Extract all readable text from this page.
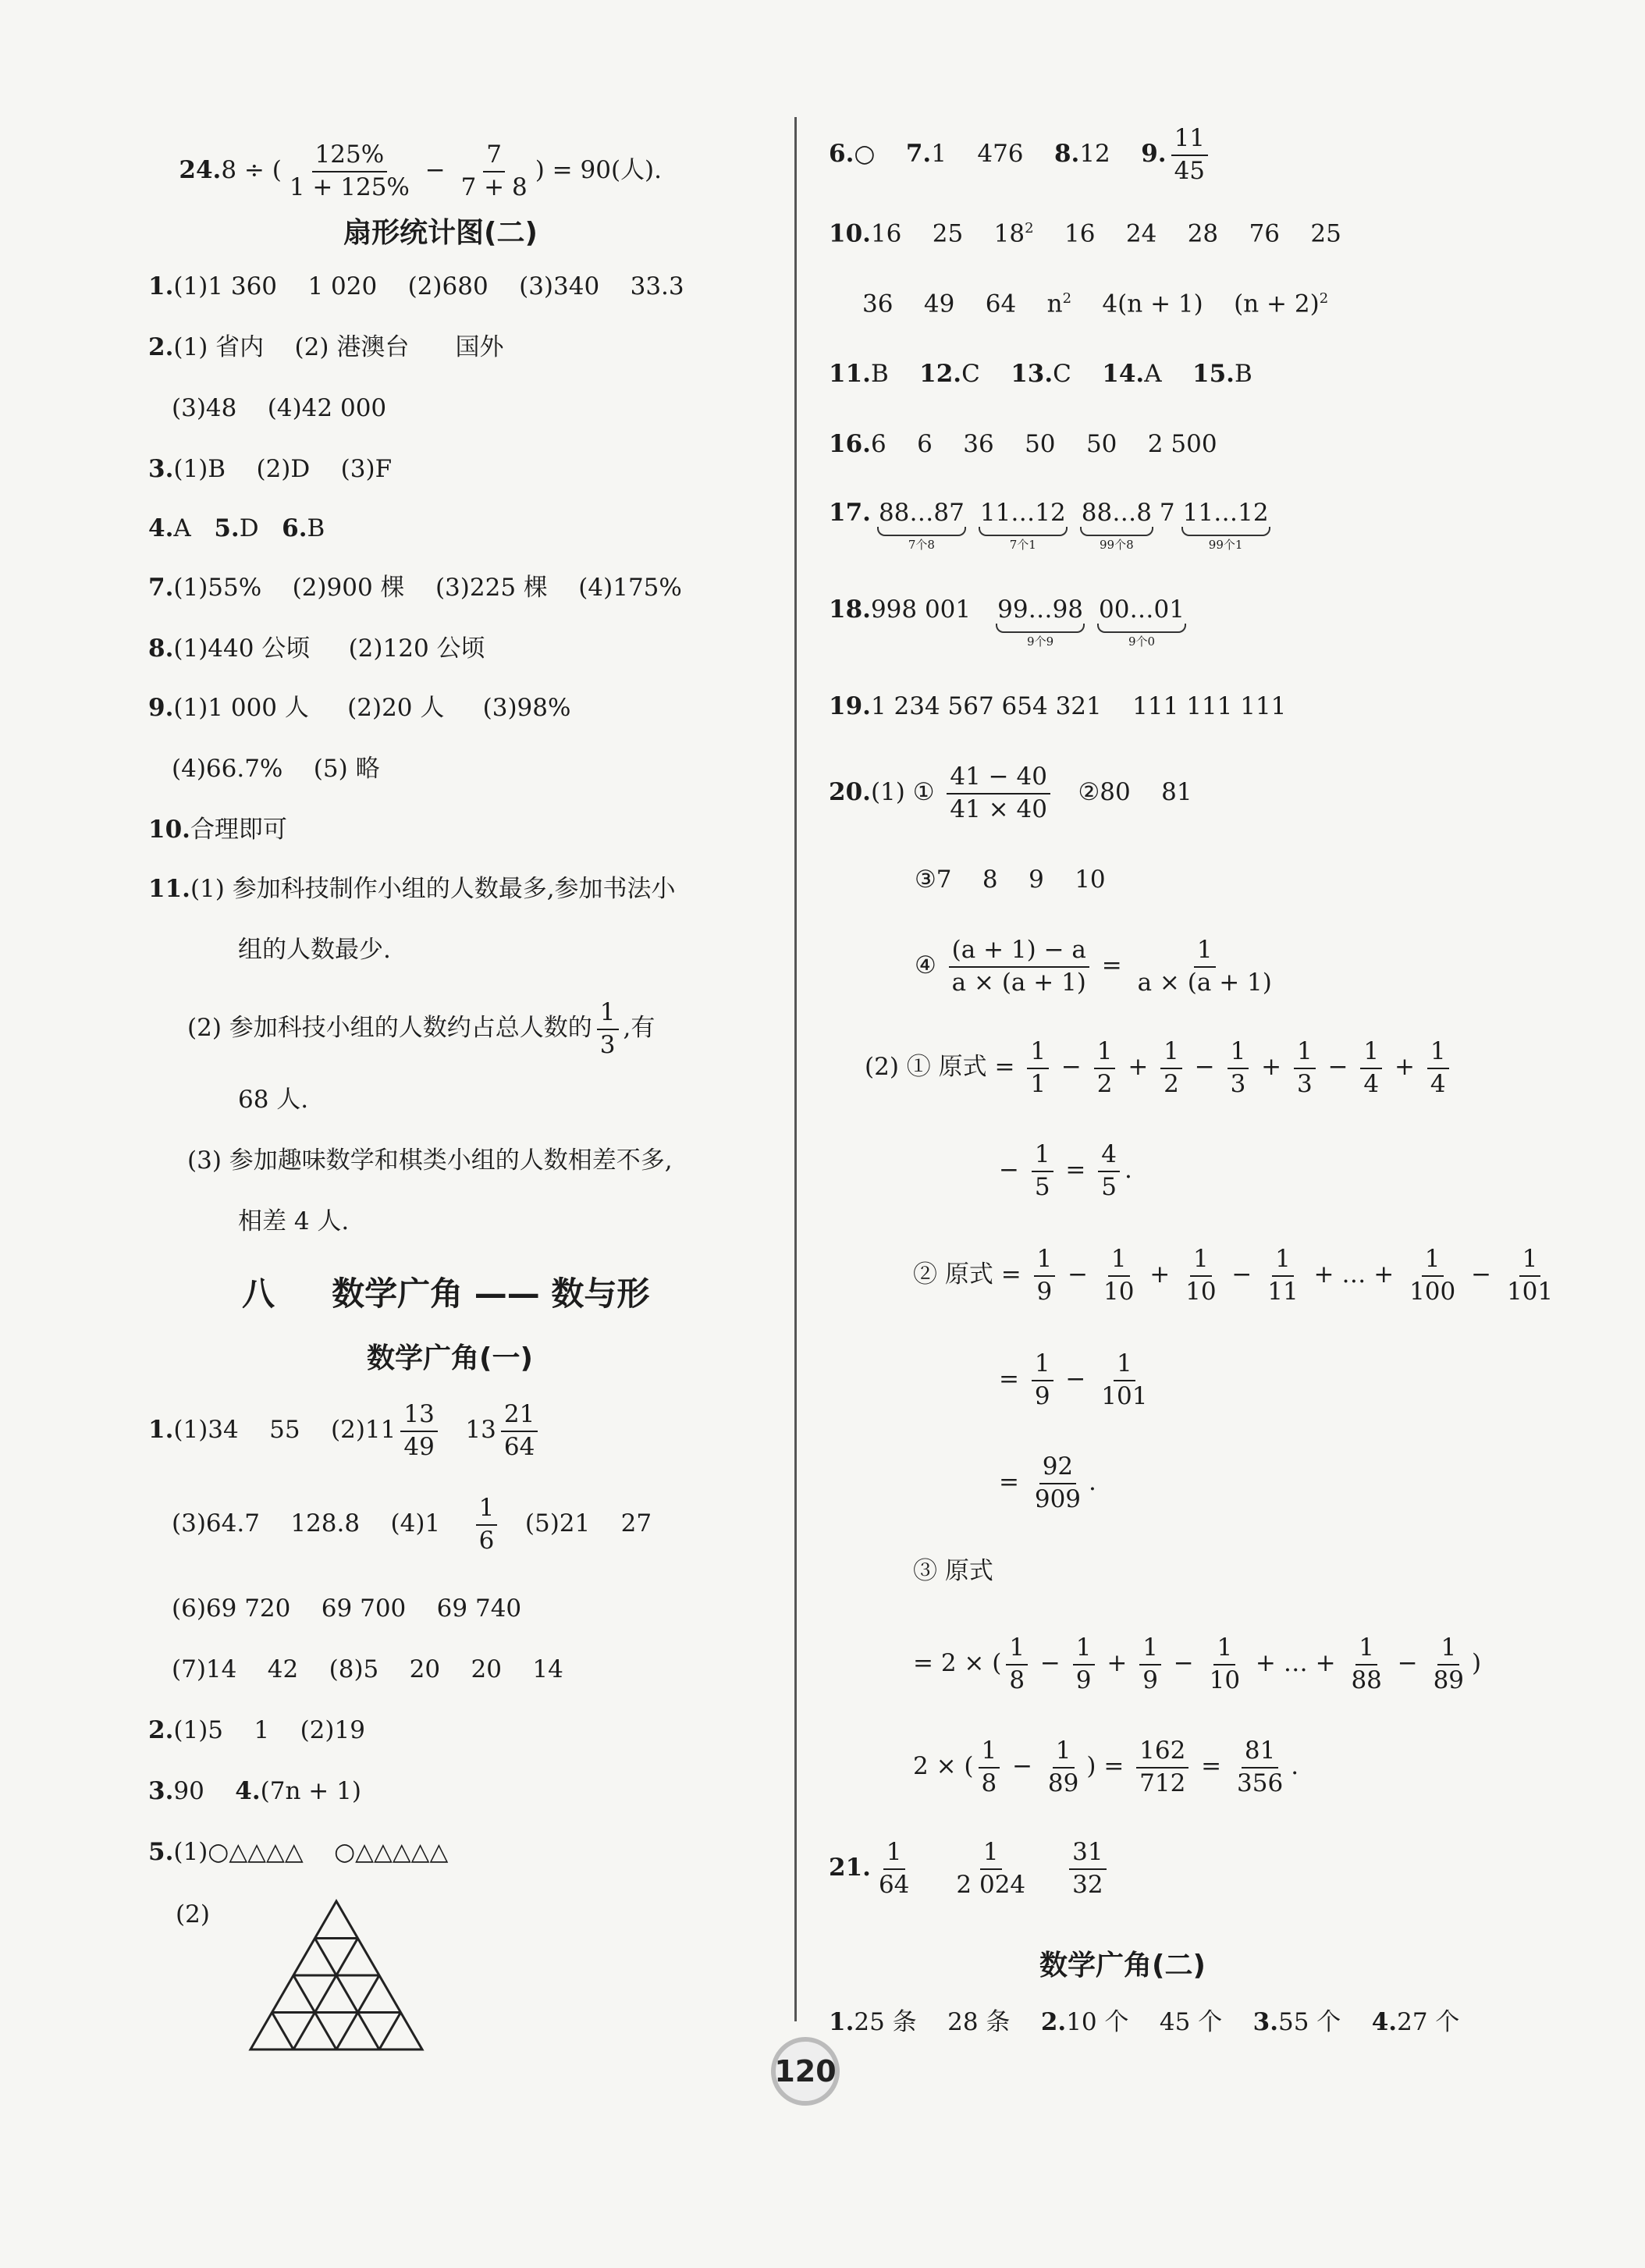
24.8 ÷ ( $\frac{125\%}{1 + 125\%} - \frac{7}{7 + 8}$ ) = 90(人).

扇形统计图(二)
1.(1)1 360    1 020    (2)680    (3)340    33.3
2.(1) 省内    (2) 港澳台      国外
(3)48    (4)42 000
3.(1)B    (2)D    (3)F
4.A   5.D   6.B
7.(1)55%    (2)900 棵    (3)225 棵    (4)175%
8.(1)440 公顷     (2)120 公顷
9.(1)1 000 人     (2)20 人     (3)98%
(4)66.7%    (5) 略
10.合理即可
11.(1) 参加科技制作小组的人数最多,参加书法小
组的人数最少.
(2) 参加科技小组的人数约占总人数的 $\frac{1}{3}$ ,有
68 人.
(3) 参加趣味数学和棋类小组的人数相差不多,
相差 4 人.
八     数学广角 —— 数与形
数学广角(一)
1.(1)34    55    $(2)11 \frac{13}{49} 13 \frac{21}{64}$
(3)64.7    128.8    $(4)1 \frac{1}{6} (5)21$    27
(6)69 720    69 700    69 740
(7)14    42    (8)5    20    20    14
2.(1)5    1    (2)19
3.90    4.(7n + 1)
5.(1)○△△△△    ○△△△△△
(2)
6.○    7.1    476    8.12    9. $\frac{11}{45}$
10.16    25    $18^2$    16    24    28    76    25
36    49    64    $n^2$    4(n + 1)    $(n + 2)^2$
11.B    12.C    13.C    14.A    15.B
16.6    6    36    50    50    2 500
17. 88…87
7个8
11…12
7个1
88…8
99个8
7 11…12
99个1
18.998 001 99…98
9个9
00…01
9个0
19.1 234 567 654 321    111 111 111
20.(1) ① $\frac{41 - 40}{41 \times 40}$ ②80    81
③7    8    9    10
④ $\frac{(a + 1) - a}{a \times (a + 1)} = \frac{1}{a \times (a + 1)}$
(2) ① 原式 = $\frac{1}{1} - \frac{1}{2} + \frac{1}{2} - \frac{1}{3} + \frac{1}{3} - \frac{1}{4} + \frac{1}{4}$
− $\frac{1}{5} = \frac{4}{5}$ .
② 原式 = $\frac{1}{9} - \frac{1}{10} + \frac{1}{10} - \frac{1}{11}$ + … + $\frac{1}{100} - \frac{1}{101}$
= $\frac{1}{9} - \frac{1}{101}$
= $\frac{92}{909}$ .
③ 原式
= 2 × ( $\frac{1}{8} - \frac{1}{9} + \frac{1}{9} - \frac{1}{10}$ + … + $\frac{1}{88} - \frac{1}{89}$ )
2 × ( $\frac{1}{8} - \frac{1}{89}$ ) = $\frac{162}{712} = \frac{81}{356}$ .
21. $\frac{1}{64} \frac{1}{2 024} \frac{31}{32}$
数学广角(二)
1.25 条    28 条    2.10 个    45 个    3.55 个    4.27 个
120
